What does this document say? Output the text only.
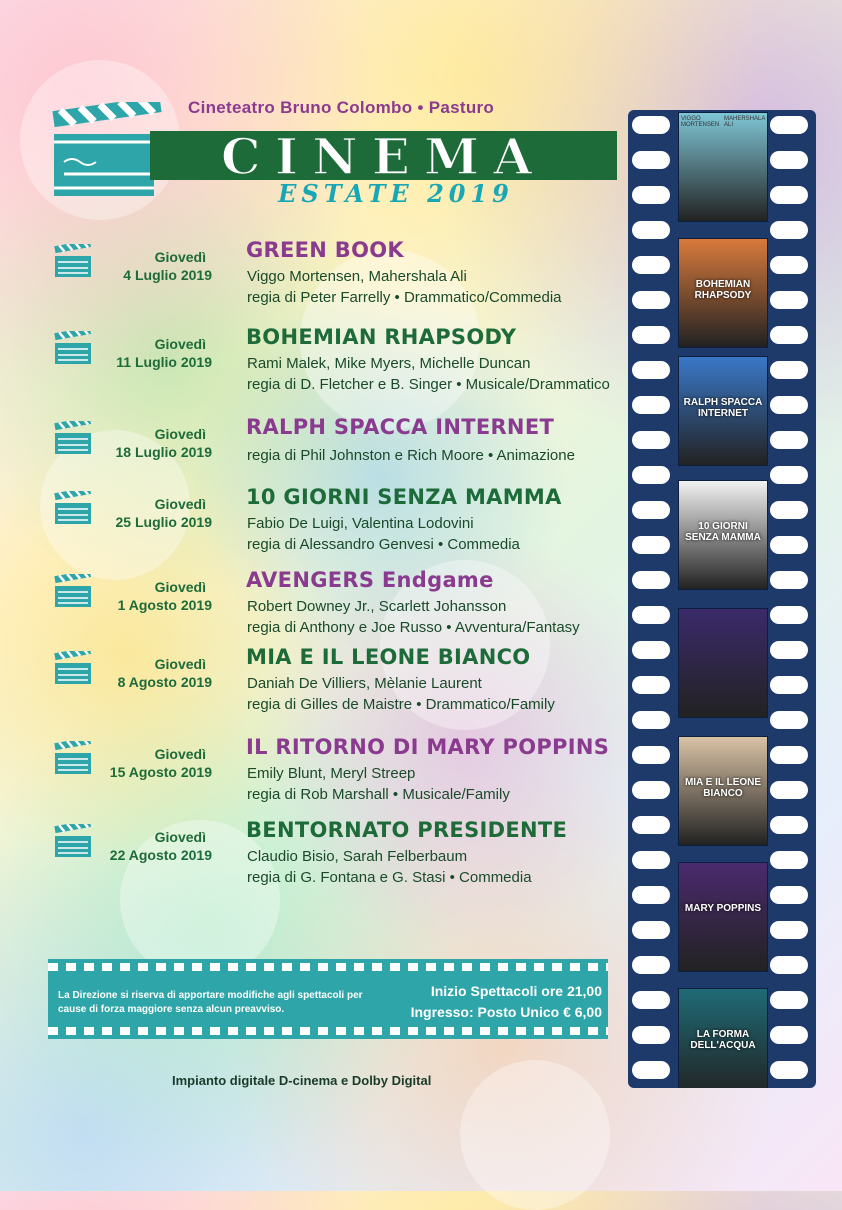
Cineteatro Bruno Colombo • Pasturo
CINEMA
ESTATE 2019
Giovedì
4 Luglio 2019
GREEN BOOK
Viggo Mortensen, Mahershala Ali
regia di Peter Farrelly • Drammatico/Commedia
Giovedì
11 Luglio 2019
BOHEMIAN RHAPSODY
Rami Malek, Mike Myers, Michelle Duncan
regia di D. Fletcher e B. Singer • Musicale/Drammatico
Giovedì
18 Luglio 2019
RALPH SPACCA INTERNET
regia di Phil Johnston e Rich Moore • Animazione
Giovedì
25 Luglio 2019
10 GIORNI SENZA MAMMA
Fabio De Luigi, Valentina Lodovini
regia di Alessandro Genvesi • Commedia
Giovedì
1 Agosto 2019
AVENGERS Endgame
Robert Downey Jr., Scarlett Johansson
regia di Anthony e Joe Russo • Avventura/Fantasy
Giovedì
8 Agosto 2019
MIA E IL LEONE BIANCO
Daniah De Villiers, Mèlanie Laurent
regia di Gilles de Maistre • Drammatico/Family
Giovedì
15 Agosto 2019
IL RITORNO DI MARY POPPINS
Emily Blunt, Meryl Streep
regia di Rob Marshall • Musicale/Family
Giovedì
22 Agosto 2019
BENTORNATO PRESIDENTE
Claudio Bisio, Sarah Felberbaum
regia di G. Fontana e G. Stasi • Commedia
La Direzione si riserva di apportare modifiche agli spettacoli per cause di forza maggiore senza alcun preavviso.
Inizio Spettacoli ore 21,00
Ingresso: Posto Unico € 6,00
Impianto digitale D-cinema e Dolby Digital
VIGGO MORTENSEN
MAHERSHALA ALI
BOHEMIAN RHAPSODY
RALPH SPACCA INTERNET
10 GIORNI SENZA MAMMA
MIA E IL LEONE BIANCO
MARY POPPINS
LA FORMA DELL'ACQUA
